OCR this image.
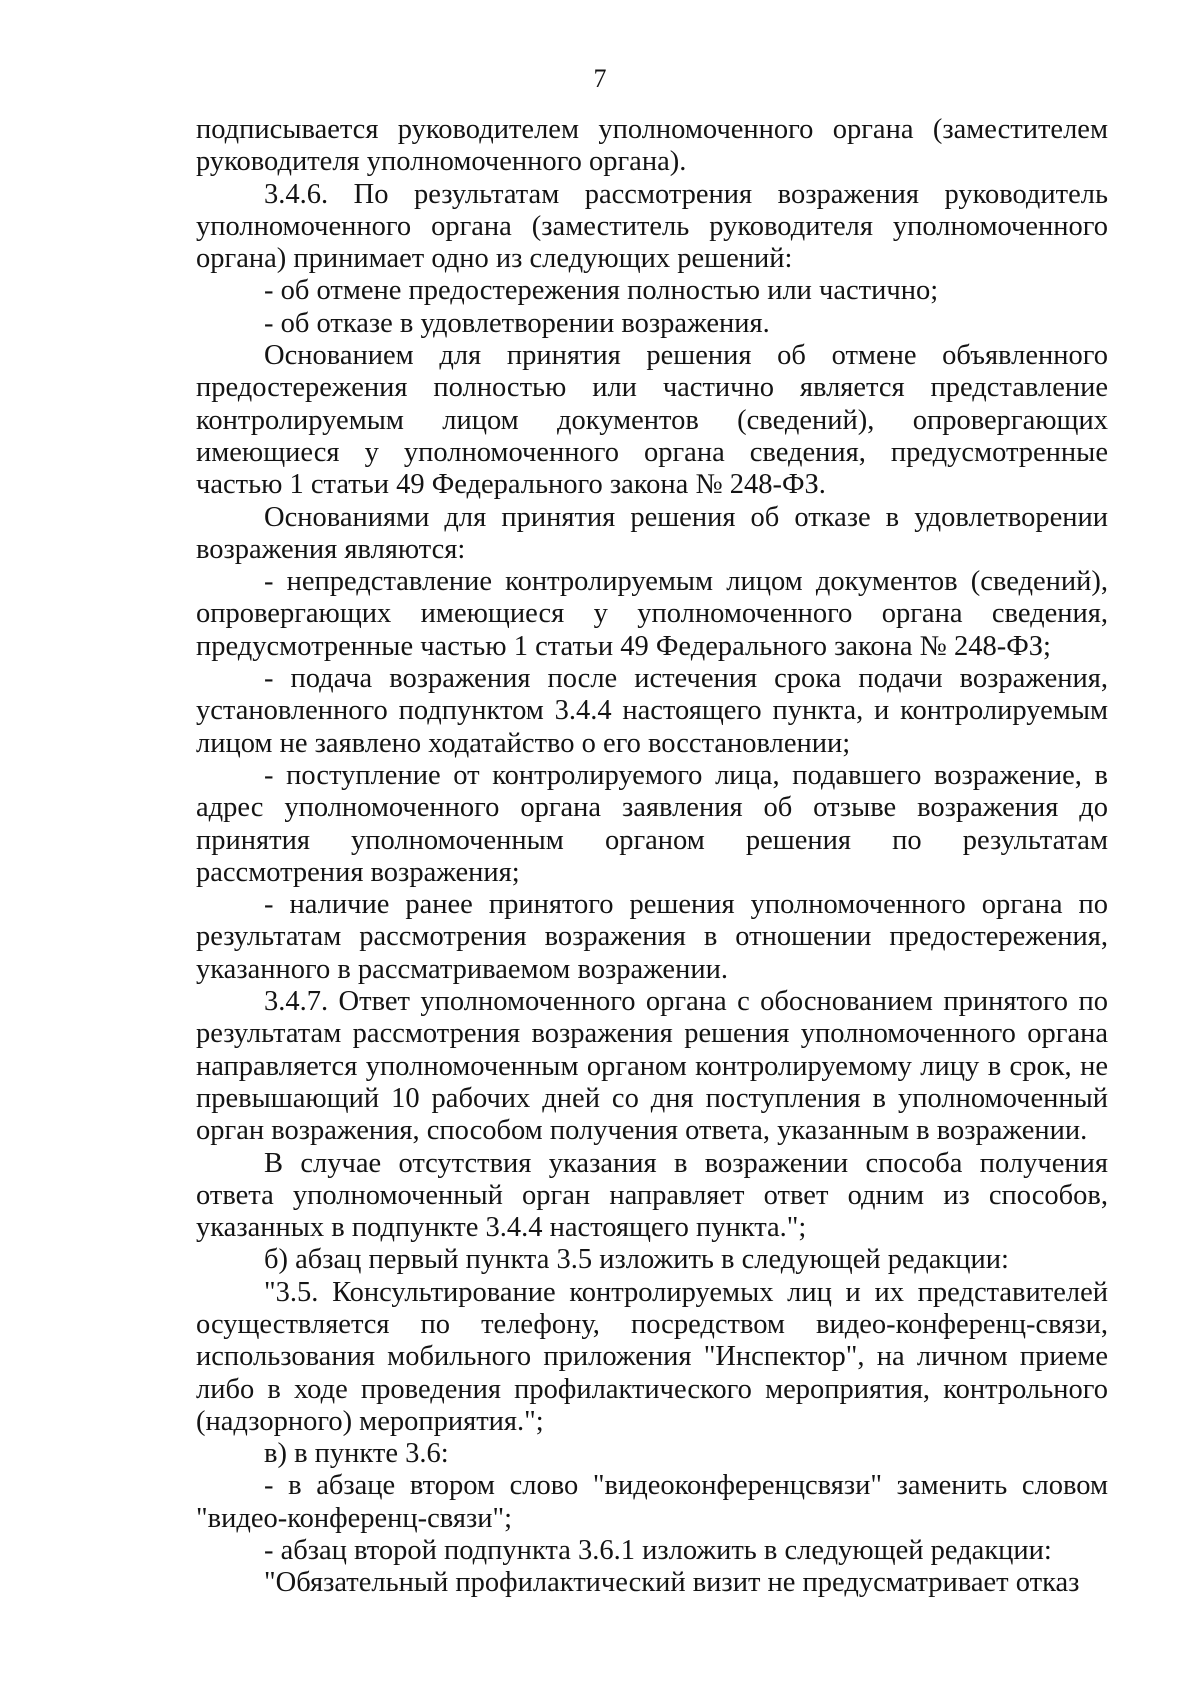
7

подписывается руководителем уполномоченного органа (заместителем руководителя уполномоченного органа).

3.4.6. По результатам рассмотрения возражения руководитель уполномоченного органа (заместитель руководителя уполномоченного органа) принимает одно из следующих решений:

- об отмене предостережения полностью или частично;

- об отказе в удовлетворении возражения.

Основанием для принятия решения об отмене объявленного предостережения полностью или частично является представление контролируемым лицом документов (сведений), опровергающих имеющиеся у уполномоченного органа сведения, предусмотренные частью 1 статьи 49 Федерального закона № 248-ФЗ.

Основаниями для принятия решения об отказе в удовлетворении возражения являются:

- непредставление контролируемым лицом документов (сведений), опровергающих имеющиеся у уполномоченного органа сведения, предусмотренные частью 1 статьи 49 Федерального закона № 248-ФЗ;

- подача возражения после истечения срока подачи возражения, установленного подпунктом 3.4.4 настоящего пункта, и контролируемым лицом не заявлено ходатайство о его восстановлении;

- поступление от контролируемого лица, подавшего возражение, в адрес уполномоченного органа заявления об отзыве возражения до принятия уполномоченным органом решения по результатам рассмотрения возражения;

- наличие ранее принятого решения уполномоченного органа по результатам рассмотрения возражения в отношении предостережения, указанного в рассматриваемом возражении.

3.4.7. Ответ уполномоченного органа с обоснованием принятого по результатам рассмотрения возражения решения уполномоченного органа направляется уполномоченным органом контролируемому лицу в срок, не превышающий 10 рабочих дней со дня поступления в уполномоченный орган возражения, способом получения ответа, указанным в возражении.

В случае отсутствия указания в возражении способа получения ответа уполномоченный орган направляет ответ одним из способов, указанных в подпункте 3.4.4 настоящего пункта.";

б) абзац первый пункта 3.5 изложить в следующей редакции:

"3.5. Консультирование контролируемых лиц и их представителей осуществляется по телефону, посредством видео-конференц-связи, использования мобильного приложения "Инспектор", на личном приеме либо в ходе проведения профилактического мероприятия, контрольного (надзорного) мероприятия.";

в) в пункте 3.6:

- в абзаце втором слово "видеоконференцсвязи" заменить словом "видео-конференц-связи";

- абзац второй подпункта 3.6.1 изложить в следующей редакции:

"Обязательный профилактический визит не предусматривает отказ
